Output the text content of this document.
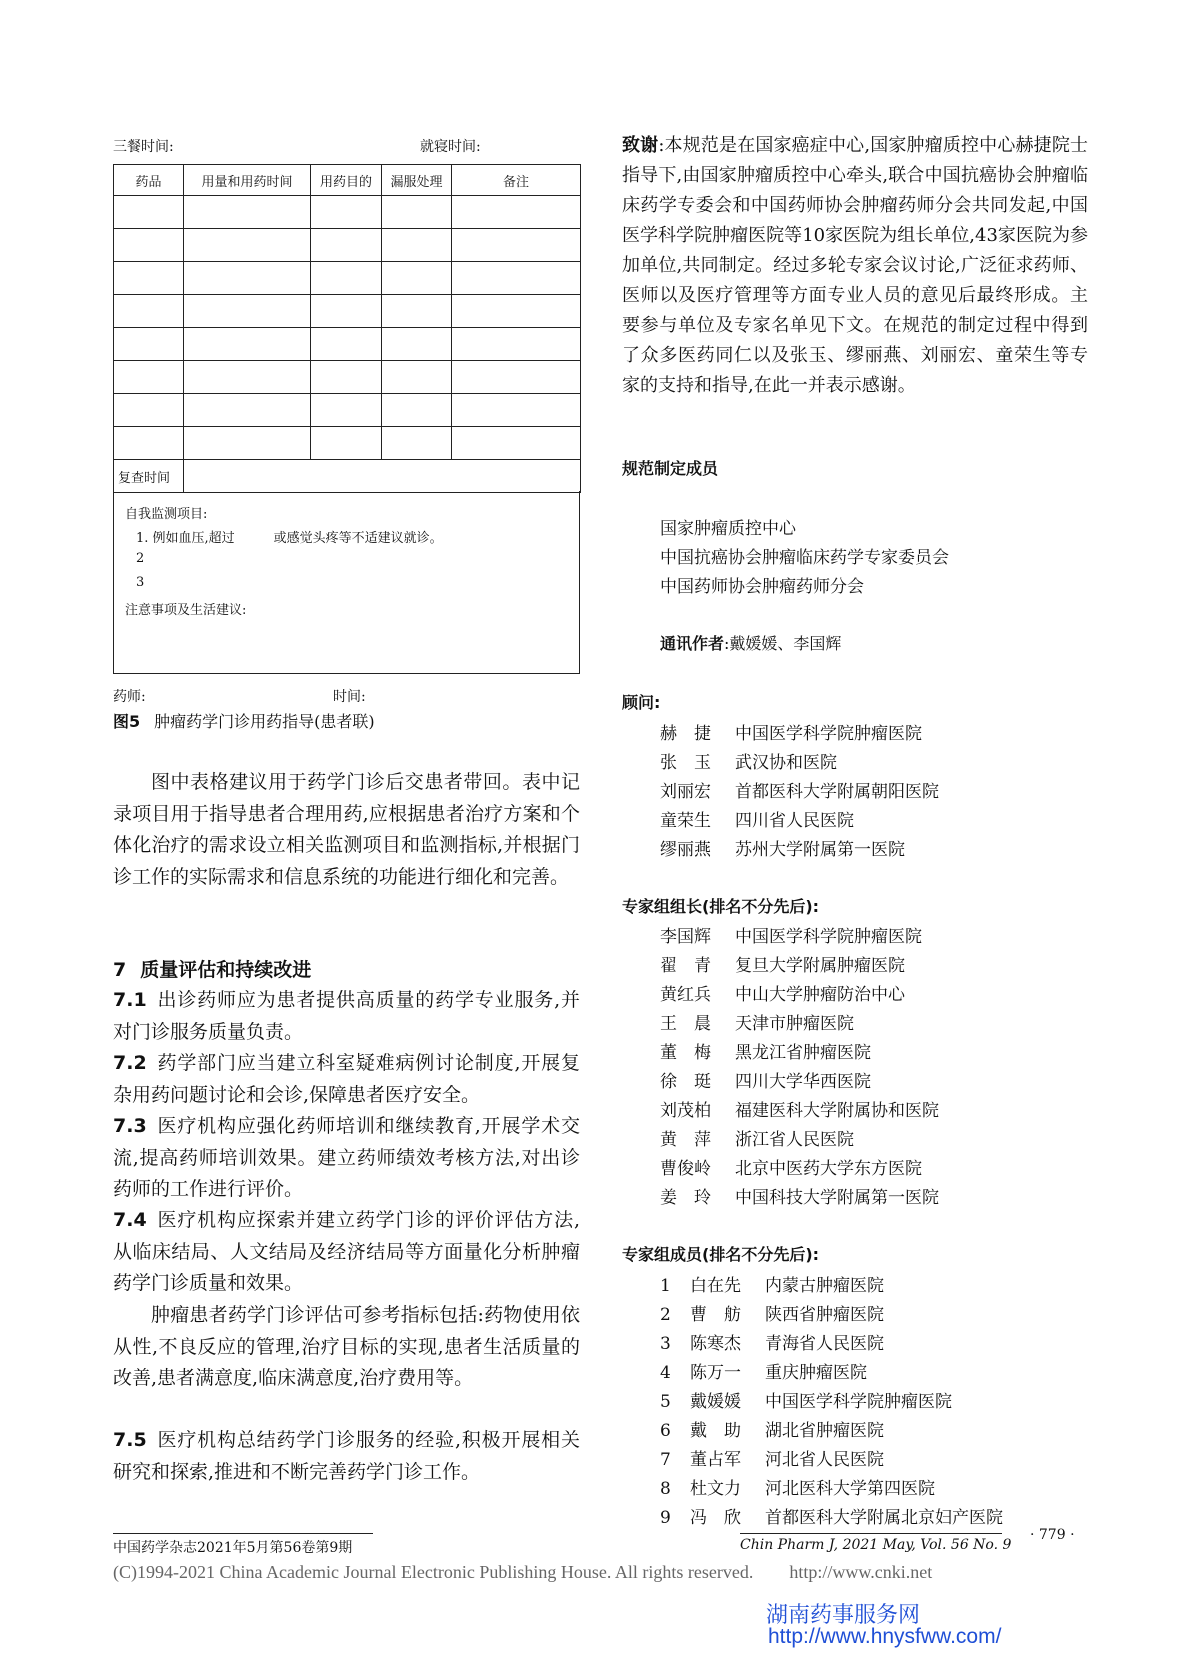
三餐时间:	就寝时间:
药品	用量和用药时间	用药目的	漏服处理	备注

复查时间				
自我监测项目:
1. 例如血压,超过　　　或感觉头疼等不适建议就诊。
2
3
注意事项及生活建议:
药师:	时间:
图5 肿瘤药学门诊用药指导(患者联)
图中表格建议用于药学门诊后交患者带回。表中记录项目用于指导患者合理用药,应根据患者治疗方案和个体化治疗的需求设立相关监测项目和监测指标,并根据门诊工作的实际需求和信息系统的功能进行细化和完善。
7 质量评估和持续改进
7.1 出诊药师应为患者提供高质量的药学专业服务,并对门诊服务质量负责。
7.2 药学部门应当建立科室疑难病例讨论制度,开展复杂用药问题讨论和会诊,保障患者医疗安全。
7.3 医疗机构应强化药师培训和继续教育,开展学术交流,提高药师培训效果。建立药师绩效考核方法,对出诊药师的工作进行评价。
7.4 医疗机构应探索并建立药学门诊的评价评估方法,从临床结局、人文结局及经济结局等方面量化分析肿瘤药学门诊质量和效果。
肿瘤患者药学门诊评估可参考指标包括:药物使用依从性,不良反应的管理,治疗目标的实现,患者生活质量的改善,患者满意度,临床满意度,治疗费用等。
7.5 医疗机构总结药学门诊服务的经验,积极开展相关研究和探索,推进和不断完善药学门诊工作。
致谢:本规范是在国家癌症中心,国家肿瘤质控中心赫捷院士指导下,由国家肿瘤质控中心牵头,联合中国抗癌协会肿瘤临床药学专委会和中国药师协会肿瘤药师分会共同发起,中国医学科学院肿瘤医院等10家医院为组长单位,43家医院为参加单位,共同制定。经过多轮专家会议讨论,广泛征求药师、医师以及医疗管理等方面专业人员的意见后最终形成。主要参与单位及专家名单见下文。在规范的制定过程中得到了众多医药同仁以及张玉、缪丽燕、刘丽宏、童荣生等专家的支持和指导,在此一并表示感谢。
规范制定成员
国家肿瘤质控中心
中国抗癌协会肿瘤临床药学专家委员会
中国药师协会肿瘤药师分会
通讯作者:戴媛媛、李国辉
顾问:
赫　捷 中国医学科学院肿瘤医院
张　玉 武汉协和医院
刘丽宏 首都医科大学附属朝阳医院
童荣生 四川省人民医院
缪丽燕 苏州大学附属第一医院
专家组组长(排名不分先后):
李国辉 中国医学科学院肿瘤医院
翟　青 复旦大学附属肿瘤医院
黄红兵 中山大学肿瘤防治中心
王　晨 天津市肿瘤医院
董　梅 黑龙江省肿瘤医院
徐　珽 四川大学华西医院
刘茂柏 福建医科大学附属协和医院
黄　萍 浙江省人民医院
曹俊岭 北京中医药大学东方医院
姜　玲 中国科技大学附属第一医院
专家组成员(排名不分先后):
1 白在先 内蒙古肿瘤医院
2 曹　舫 陕西省肿瘤医院
3 陈寒杰 青海省人民医院
4 陈万一 重庆肿瘤医院
5 戴媛媛 中国医学科学院肿瘤医院
6 戴　助 湖北省肿瘤医院
7 董占军 河北省人民医院
8 杜文力 河北医科大学第四医院
9 冯　欣 首都医科大学附属北京妇产医院
中国药学杂志2021年5月第56卷第9期	Chin Pharm J, 2021 May, Vol. 56 No. 9
· 779 ·
(C)1994-2021 China Academic Journal Electronic Publishing House. All rights reserved.　　http://www.cnki.net
湖南药事服务网
http://www.hnysfww.com/
